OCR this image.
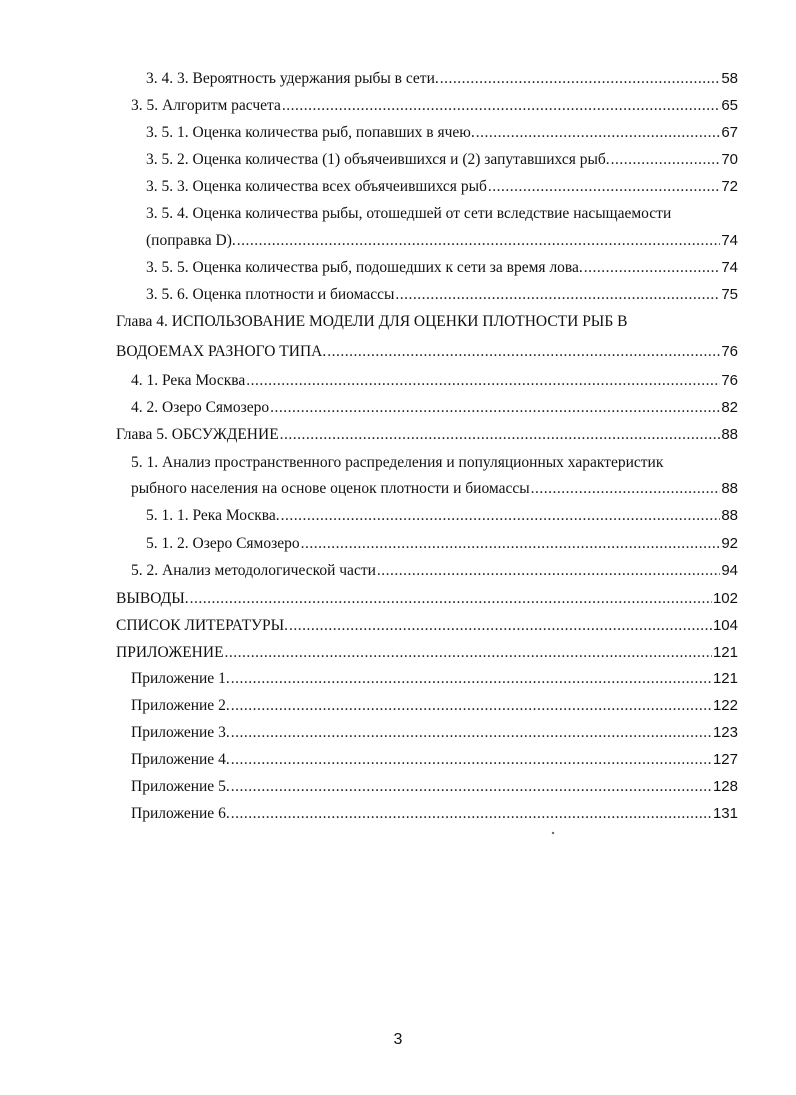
3. 4. 3. Вероятность удержания рыбы в сети. .....	58
3. 5. Алгоритм расчета .....	65
3. 5. 1. Оценка количества рыб, попавших в ячею. .....	67
3. 5. 2. Оценка количества (1) объячеившихся и (2) запутавшихся рыб. .....	70
3. 5. 3. Оценка количества всех объячеившихся рыб .....	72
3. 5. 4. Оценка количества рыбы, отошедшей от сети вследствие насыщаемости
(поправка D). .....	74
3. 5. 5. Оценка количества рыб, подошедших к сети за время лова. .....	74
3. 5. 6. Оценка плотности и биомассы .....	75
Глава 4. ИСПОЛЬЗОВАНИЕ МОДЕЛИ ДЛЯ ОЦЕНКИ ПЛОТНОСТИ РЫБ В
ВОДОЕМАХ РАЗНОГО ТИПА. .....	76
4. 1. Река Москва .....	76
4. 2. Озеро Сямозеро .....	82
Глава 5. ОБСУЖДЕНИЕ .....	88
5. 1. Анализ пространственного распределения и популяционных характеристик
рыбного населения на основе оценок плотности и биомассы .....	88
5. 1. 1. Река Москва. .....	88
5. 1. 2. Озеро Сямозеро .....	92
5. 2. Анализ методологической части .....	94
ВЫВОДЫ. .....	102
СПИСОК ЛИТЕРАТУРЫ. .....	104
ПРИЛОЖЕНИЕ .....	121
Приложение 1. .....	121
Приложение 2. .....	122
Приложение 3. .....	123
Приложение 4. .....	127
Приложение 5. .....	128
Приложение 6. .....	131
3
